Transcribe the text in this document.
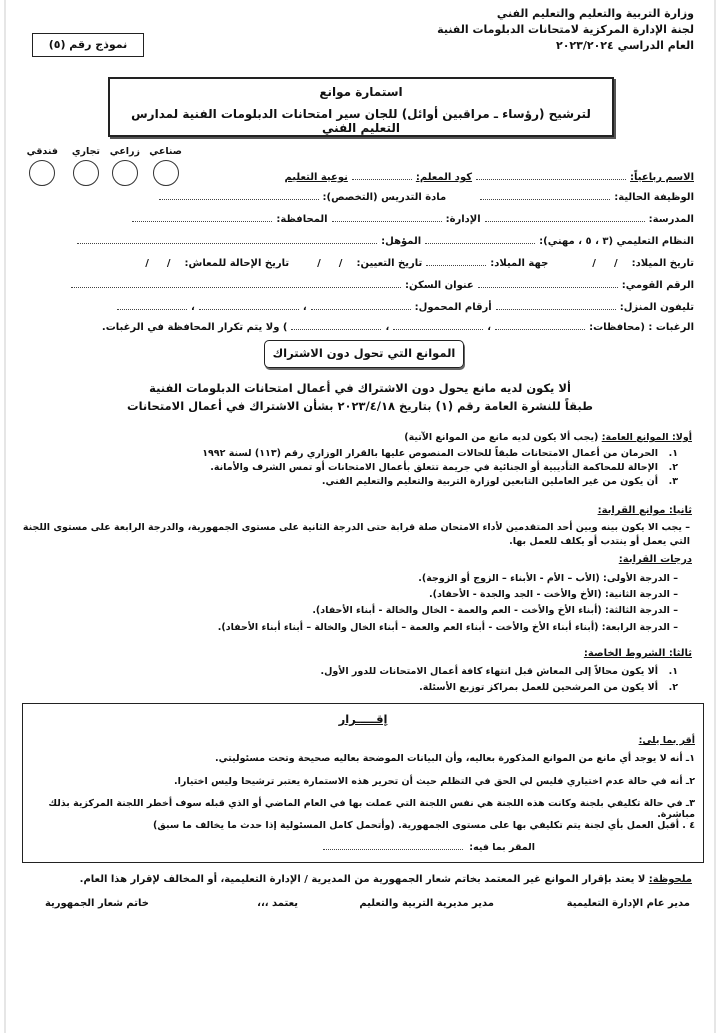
وزارة التربية والتعليم والتعليم الفني
لجنة الإدارة المركزية لامتحانات الدبلومات الفنية
العام الدراسي ٢٠٢٣/٢٠٢٤
نموذج رقم (٥)
استمارة موانع
لترشيح (رؤساء ـ مراقبين أوائل) للجان سير امتحانات الدبلومات الفنية لمدارس التعليم الفني
صناعي
زراعي
تجاري
فندقي
الاسم رباعياً:
كود المعلم:
نوعية التعليم
الوظيفة الحالية:
مادة التدريس (التخصص):
المدرسة:
الإدارة:
المحافظة:
النظام التعليمي (٣ ، ٥ ، مهني):
المؤهل:
تاريخ الميلاد:
/
/
جهة الميلاد:
تاريخ التعيين:
/
/
تاريخ الإحالة للمعاش:
/
/
الرقم القومي:
عنوان السكن:
تليفون المنزل:
أرقام المحمول:
،
،
الرغبات : (محافظات:
،
،
) ولا يتم تكرار المحافظة في الرغبات.
الموانع التي تحول دون الاشتراك
ألا يكون لديه مانع يحول دون الاشتراك في أعمال امتحانات الدبلومات الفنية
طبقاً للنشرة العامة رقم (١) بتاريخ ٢٠٢٣/٤/١٨ بشأن الاشتراك في أعمال الامتحانات
أولا: الموانع العامة: (يجب ألا يكون لديه مانع من الموانع الآتية)
١.الحرمان من أعمال الامتحانات طبقاً للحالات المنصوص عليها بالقرار الوزاري رقم (١١٣) لسنة ١٩٩٢
٢.الإحالة للمحاكمة التأديبية أو الجنائية في جريمة تتعلق بأعمال الامتحانات أو تمس الشرف والأمانة.
٣.أن يكون من غير العاملين التابعين لوزارة التربية والتعليم والتعليم الفني.
ثانيا: موانع القرابة:
– يجب الا يكون بينه وبين أحد المتقدمين لأداء الامتحان صلة قرابة حتى الدرجة الثانية على مستوى الجمهورية، والدرجة الرابعة على مستوى اللجنة التي يعمل أو ينتدب أو يكلف للعمل بها.
درجات القرابة:
– الدرجة الأولى: (الأب – الأم - الأبناء – الزوج أو الزوجة).
– الدرجة الثانية: (الأخ والأخت - الجد والجدة - الأحفاد).
– الدرجة الثالثة: (أبناء الأخ والأخت - العم والعمة - الخال والخالة - أبناء الأحفاد).
– الدرجة الرابعة: (أبناء أبناء الأخ والأخت - أبناء العم والعمة – أبناء الخال والخالة – أبناء أبناء الأحفاد).
ثالثا: الشروط الخاصة:
١.ألا يكون محالاً إلى المعاش قبل انتهاء كافة أعمال الامتحانات للدور الأول.
٢.ألا يكون من المرشحين للعمل بمراكز توزيع الأسئلة.
إقـــــرار
أقر بما يلي:
١ـ أنه لا يوجد أي مانع من الموانع المذكورة بعاليه، وأن البيانات الموضحة بعاليه صحيحة وتحت مسئوليتي.
٢ـ أنه في حالة عدم اختياري فليس لي الحق في التظلم حيث أن تحرير هذه الاستمارة يعتبر ترشيحا وليس اختيارا.
٣ـ في حالة تكليفي بلجنة وكانت هذه اللجنة هي نفس اللجنة التي عملت بها في العام الماضي أو الذي قبله سوف أخطر اللجنة المركزية بذلك مباشرة.
٤ . أقبل العمل بأي لجنة يتم تكليفي بها على مستوى الجمهورية. (وأتحمل كامل المسئولية إذا حدث ما يخالف ما سبق)
المقر بما فيه:
ملحوظة: لا يعتد بإقرار الموانع غير المعتمد بخاتم شعار الجمهورية من المديرية / الإدارة التعليمية، أو المخالف لإقرار هذا العام.
مدير عام الإدارة التعليمية
مدير مديرية التربية والتعليم
يعتمد ،،،
خاتم شعار الجمهورية
